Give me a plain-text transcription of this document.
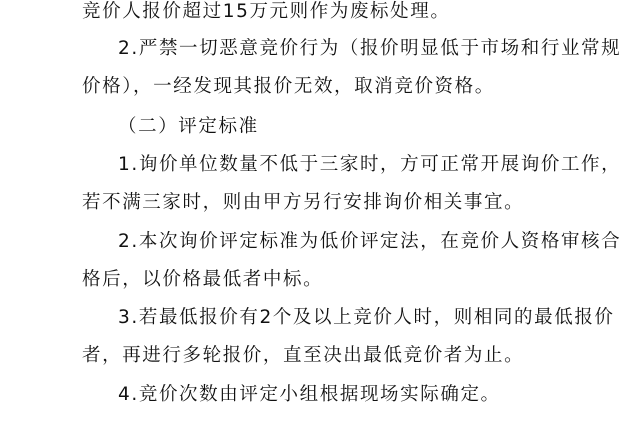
竞价人报价超过15万元则作为废标处理。
2.严禁一切恶意竞价行为（报价明显低于市场和行业常规
价格），一经发现其报价无效，取消竞价资格。
（二）评定标准
1.询价单位数量不低于三家时，方可正常开展询价工作，
若不满三家时，则由甲方另行安排询价相关事宜。
2.本次询价评定标准为低价评定法，在竞价人资格审核合
格后，以价格最低者中标。
3.若最低报价有2个及以上竞价人时，则相同的最低报价
者，再进行多轮报价，直至决出最低竞价者为止。
4.竞价次数由评定小组根据现场实际确定。
